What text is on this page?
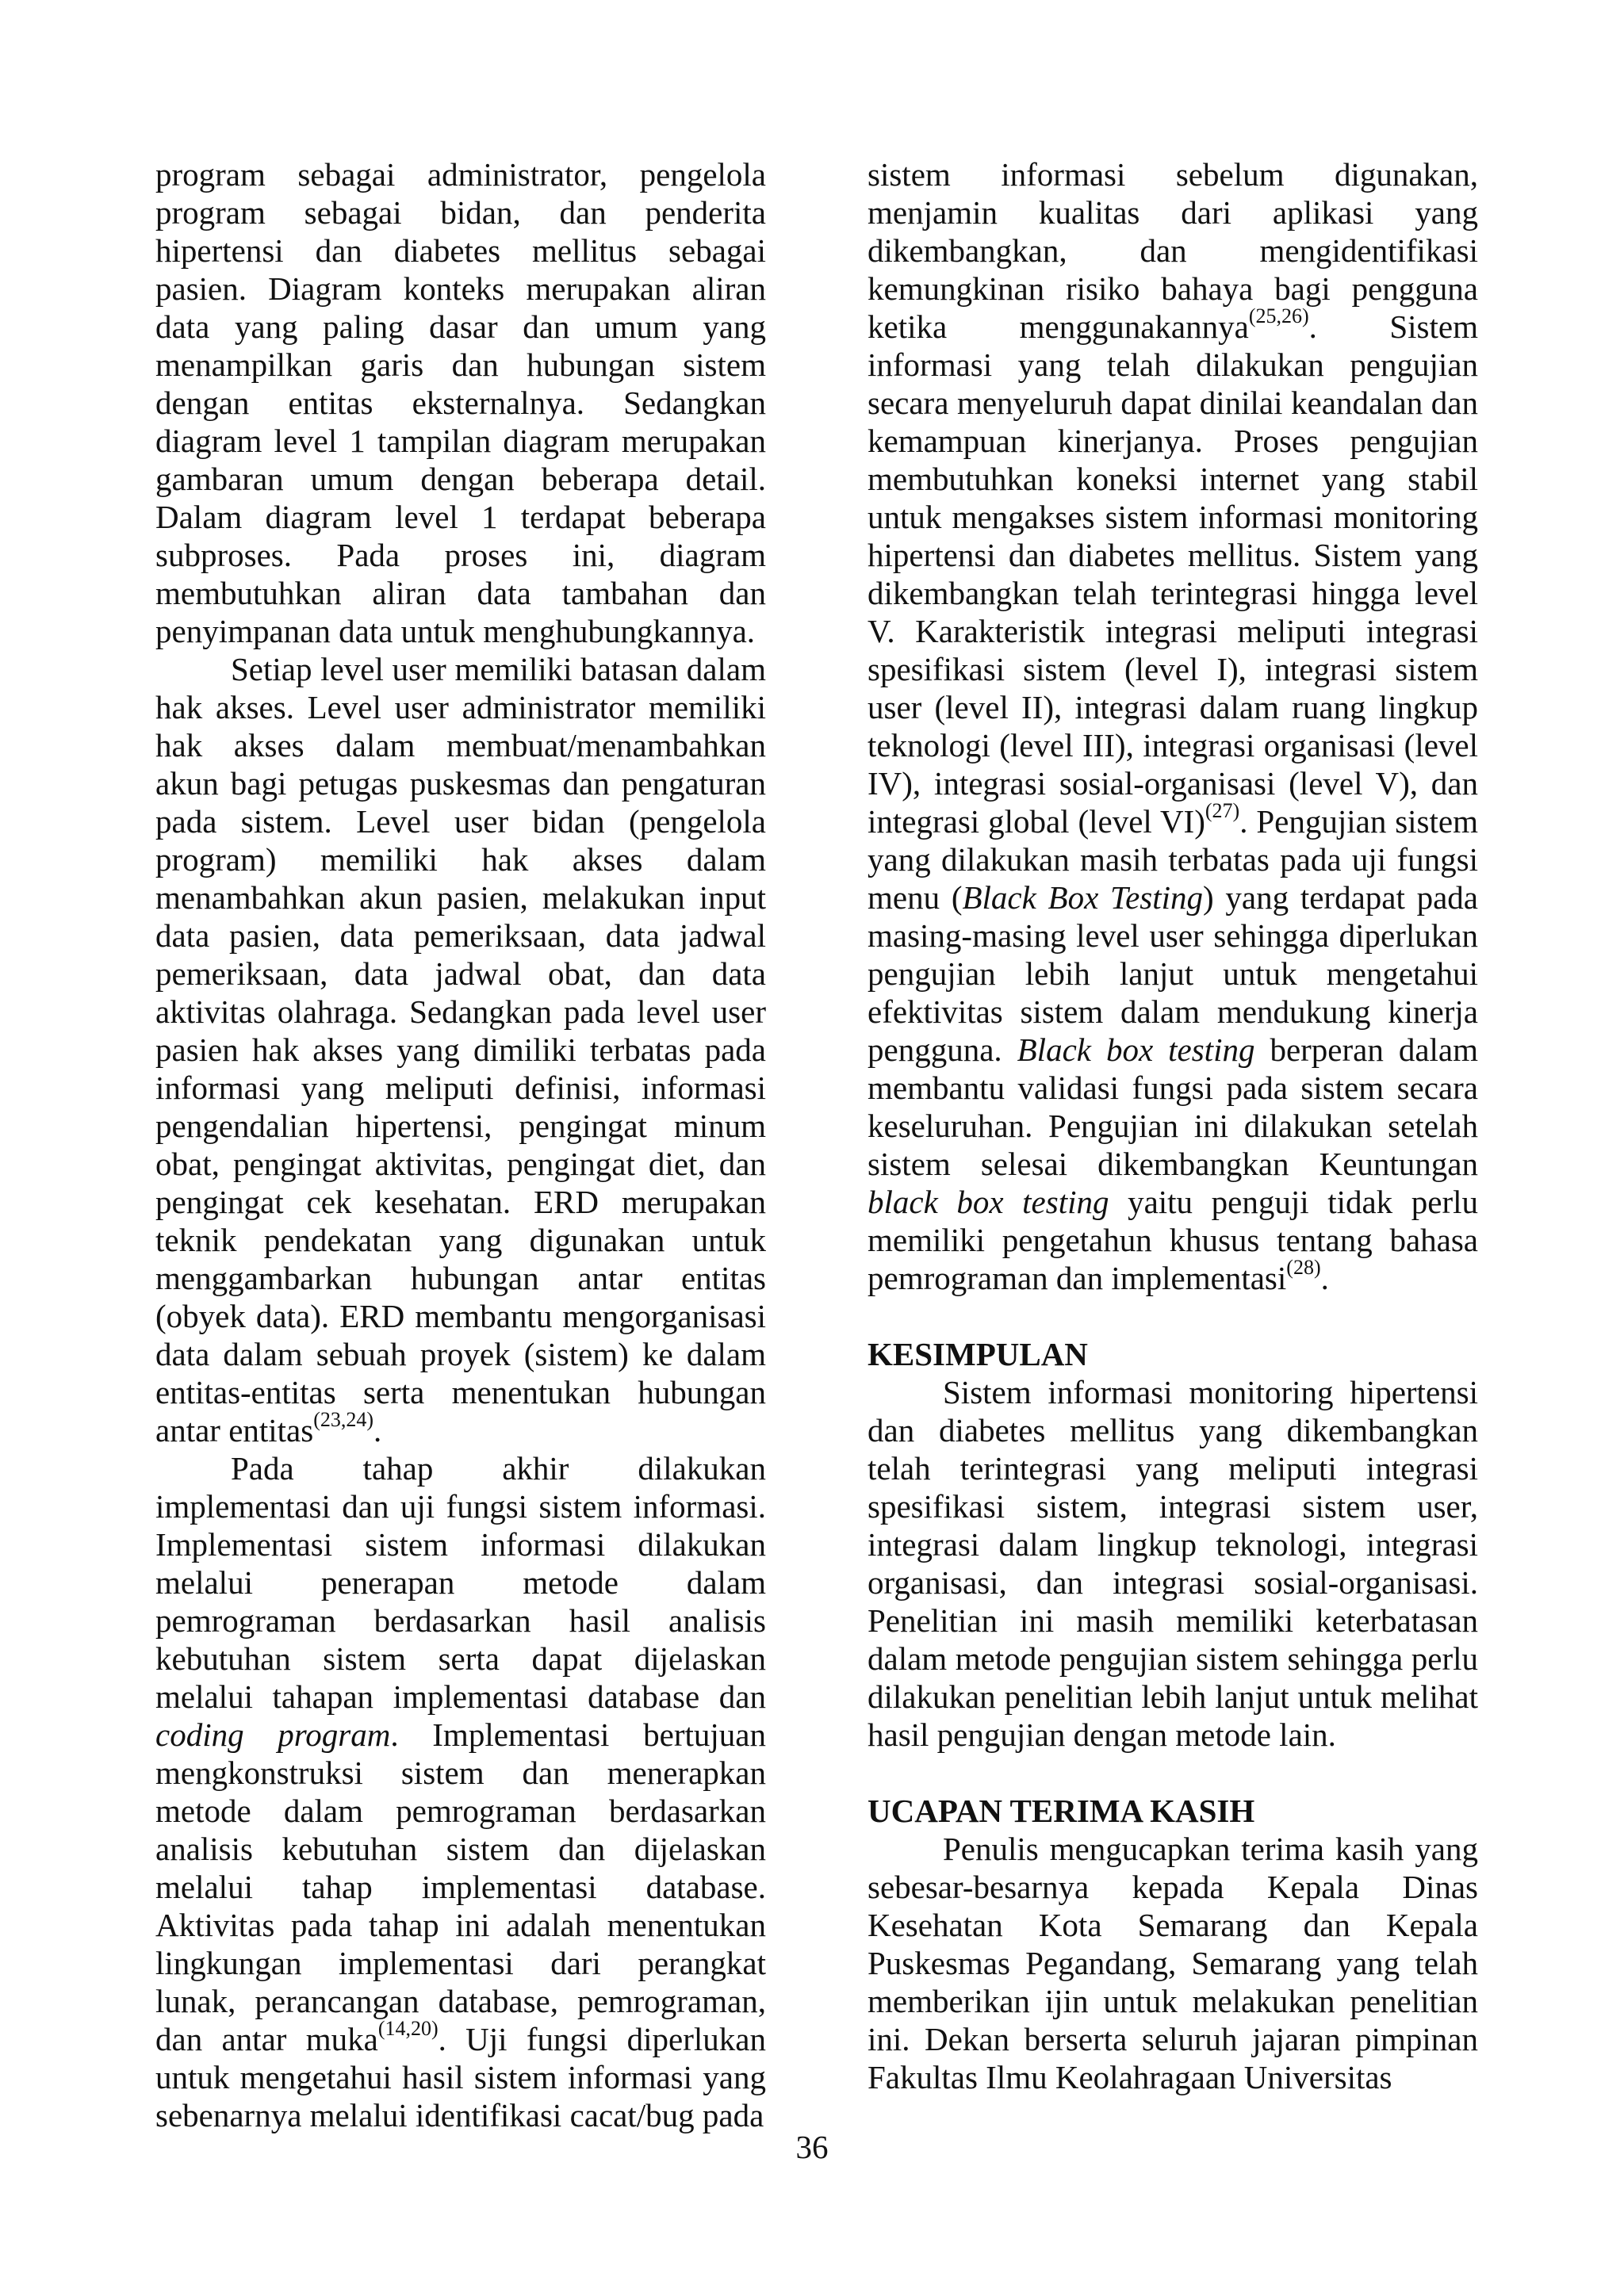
program sebagai administrator, pengelola program sebagai bidan, dan penderita hipertensi dan diabetes mellitus sebagai pasien. Diagram konteks merupakan aliran data yang paling dasar dan umum yang menampilkan garis dan hubungan sistem dengan entitas eksternalnya. Sedangkan diagram level 1 tampilan diagram merupakan gambaran umum dengan beberapa detail. Dalam diagram level 1 terdapat beberapa subproses. Pada proses ini, diagram membutuhkan aliran data tambahan dan penyimpanan data untuk menghubungkannya.

Setiap level user memiliki batasan dalam hak akses. Level user administrator memiliki hak akses dalam membuat/menambahkan akun bagi petugas puskesmas dan pengaturan pada sistem. Level user bidan (pengelola program) memiliki hak akses dalam menambahkan akun pasien, melakukan input data pasien, data pemeriksaan, data jadwal pemeriksaan, data jadwal obat, dan data aktivitas olahraga. Sedangkan pada level user pasien hak akses yang dimiliki terbatas pada informasi yang meliputi definisi, informasi pengendalian hipertensi, pengingat minum obat, pengingat aktivitas, pengingat diet, dan pengingat cek kesehatan. ERD merupakan teknik pendekatan yang digunakan untuk menggambarkan hubungan antar entitas (obyek data). ERD membantu mengorganisasi data dalam sebuah proyek (sistem) ke dalam entitas-entitas serta menentukan hubungan antar entitas$^{(23,24)}$.

Pada tahap akhir dilakukan implementasi dan uji fungsi sistem informasi. Implementasi sistem informasi dilakukan melalui penerapan metode dalam pemrograman berdasarkan hasil analisis kebutuhan sistem serta dapat dijelaskan melalui tahapan implementasi database dan coding program. Implementasi bertujuan mengkonstruksi sistem dan menerapkan metode dalam pemrograman berdasarkan analisis kebutuhan sistem dan dijelaskan melalui tahap implementasi database. Aktivitas pada tahap ini adalah menentukan lingkungan implementasi dari perangkat lunak, perancangan database, pemrograman, dan antar muka$^{(14,20)}$. Uji fungsi diperlukan untuk mengetahui hasil sistem informasi yang sebenarnya melalui identifikasi cacat/bug pada

sistem informasi sebelum digunakan, menjamin kualitas dari aplikasi yang dikembangkan, dan mengidentifikasi kemungkinan risiko bahaya bagi pengguna ketika menggunakannya$^{(25,26)}$. Sistem informasi yang telah dilakukan pengujian secara menyeluruh dapat dinilai keandalan dan kemampuan kinerjanya. Proses pengujian membutuhkan koneksi internet yang stabil untuk mengakses sistem informasi monitoring hipertensi dan diabetes mellitus. Sistem yang dikembangkan telah terintegrasi hingga level V. Karakteristik integrasi meliputi integrasi spesifikasi sistem (level I), integrasi sistem user (level II), integrasi dalam ruang lingkup teknologi (level III), integrasi organisasi (level IV), integrasi sosial-organisasi (level V), dan integrasi global (level VI)$^{(27)}$. Pengujian sistem yang dilakukan masih terbatas pada uji fungsi menu (Black Box Testing) yang terdapat pada masing-masing level user sehingga diperlukan pengujian lebih lanjut untuk mengetahui efektivitas sistem dalam mendukung kinerja pengguna. Black box testing berperan dalam membantu validasi fungsi pada sistem secara keseluruhan. Pengujian ini dilakukan setelah sistem selesai dikembangkan Keuntungan black box testing yaitu penguji tidak perlu memiliki pengetahun khusus tentang bahasa pemrograman dan implementasi$^{(28)}$.

KESIMPULAN

Sistem informasi monitoring hipertensi dan diabetes mellitus yang dikembangkan telah terintegrasi yang meliputi integrasi spesifikasi sistem, integrasi sistem user, integrasi dalam lingkup teknologi, integrasi organisasi, dan integrasi sosial-organisasi. Penelitian ini masih memiliki keterbatasan dalam metode pengujian sistem sehingga perlu dilakukan penelitian lebih lanjut untuk melihat hasil pengujian dengan metode lain.

UCAPAN TERIMA KASIH

Penulis mengucapkan terima kasih yang sebesar-besarnya kepada Kepala Dinas Kesehatan Kota Semarang dan Kepala Puskesmas Pegandang, Semarang yang telah memberikan ijin untuk melakukan penelitian ini. Dekan berserta seluruh jajaran pimpinan Fakultas Ilmu Keolahragaan Universitas

36
